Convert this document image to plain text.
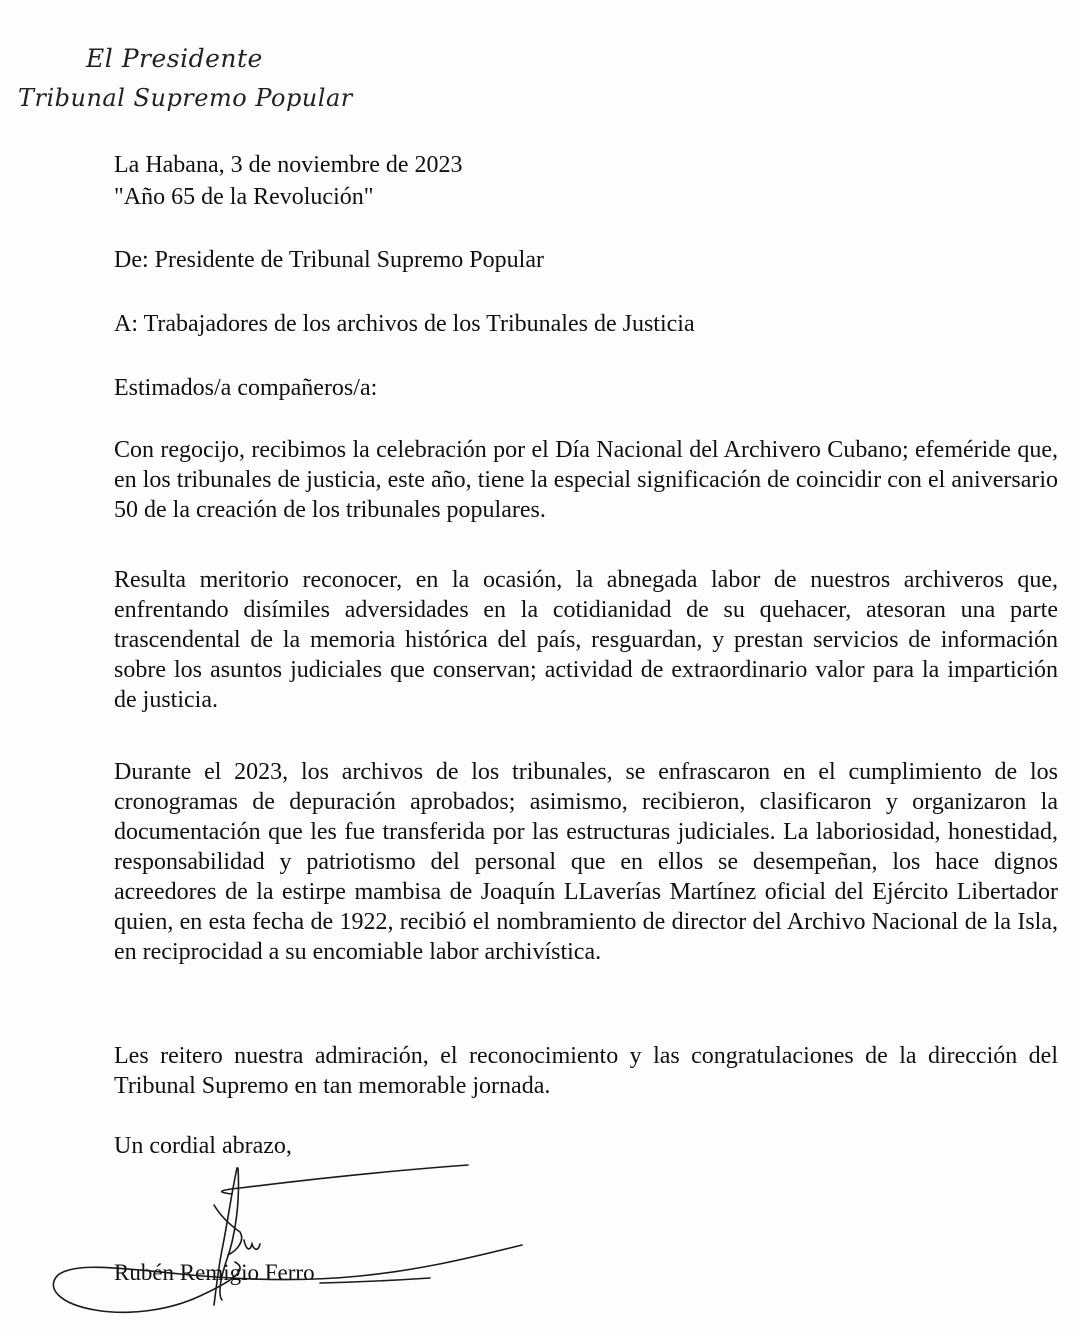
El Presidente
Tribunal Supremo Popular
La Habana, 3 de noviembre de 2023
"Año 65 de la Revolución"
De: Presidente de Tribunal Supremo Popular
A: Trabajadores de los archivos de los Tribunales de Justicia
Estimados/a compañeros/a:

Con regocijo, recibimos la celebración por el Día Nacional del Archivero Cubano; efeméride que, en los tribunales de justicia, este año, tiene la especial significación de coincidir con el aniversario 50 de la creación de los tribunales populares.

Resulta meritorio reconocer, en la ocasión, la abnegada labor de nuestros archiveros que, enfrentando disímiles adversidades en la cotidianidad de su quehacer, atesoran una parte trascendental de la memoria histórica del país, resguardan, y prestan servicios de información sobre los asuntos judiciales que conservan; actividad de extraordinario valor para la impartición de justicia.

Durante el 2023, los archivos de los tribunales, se enfrascaron en el cumplimiento de los cronogramas de depuración aprobados; asimismo, recibieron, clasificaron y organizaron la documentación que les fue transferida por las estructuras judiciales. La laboriosidad, honestidad, responsabilidad y patriotismo del personal que en ellos se desempeñan, los hace dignos acreedores de la estirpe mambisa de Joaquín LLaverías Martínez oficial del Ejército Libertador quien, en esta fecha de 1922, recibió el nombramiento de director del Archivo Nacional de la Isla, en reciprocidad a su encomiable labor archivística.

Les reitero nuestra admiración, el reconocimiento y las congratulaciones de la dirección del Tribunal Supremo en tan memorable jornada.

Un cordial abrazo,
Rubén Remigio Ferro
